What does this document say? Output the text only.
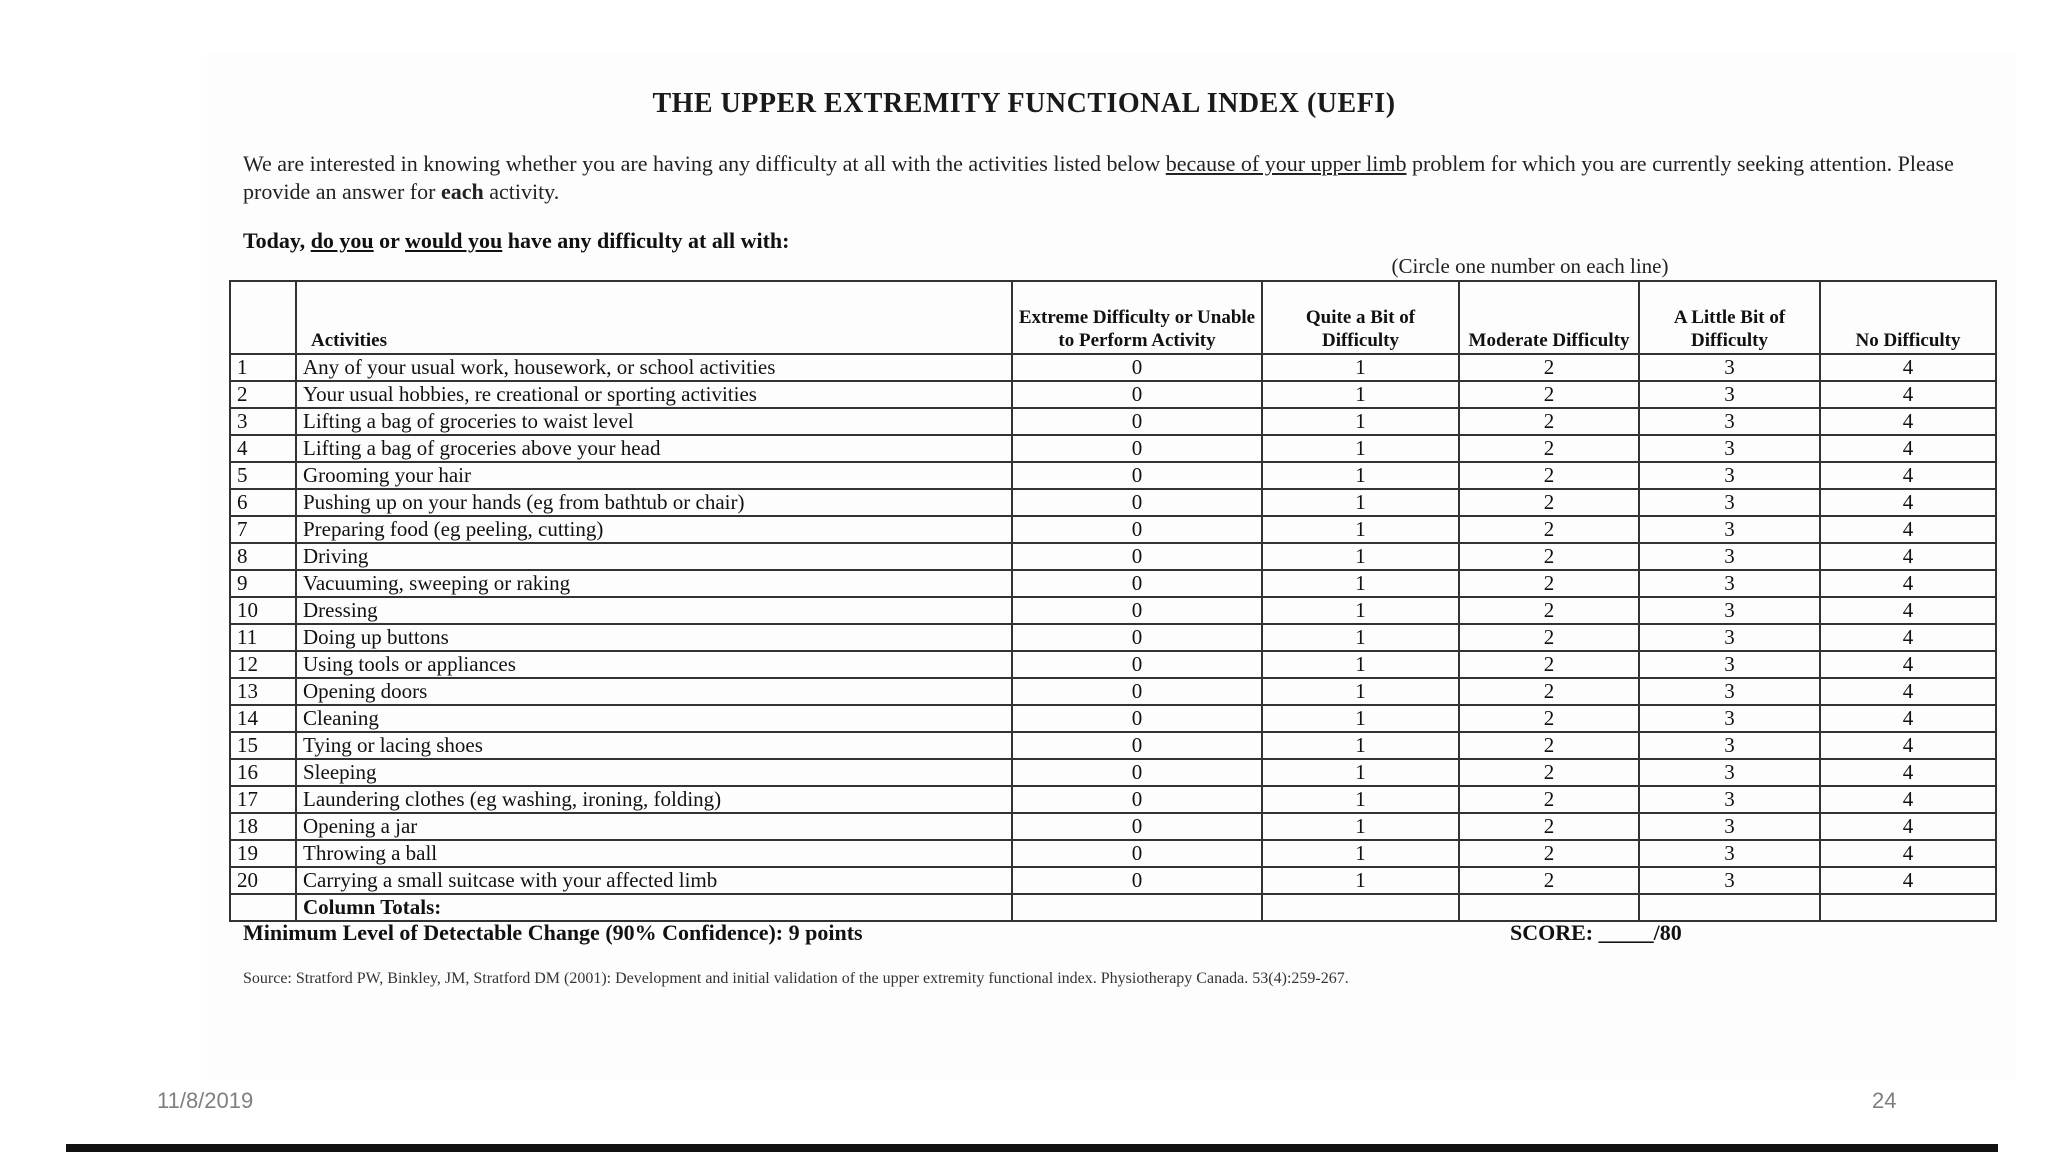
THE UPPER EXTREMITY FUNCTIONAL INDEX (UEFI)
We are interested in knowing whether you are having any difficulty at all with the activities listed below because of your upper limb problem for which you are currently seeking attention. Please provide an answer for each activity.
Today, do you or would you have any difficulty at all with:
(Circle one number on each line)
	Activities	Extreme Difficulty or Unable to Perform Activity	Quite a Bit of Difficulty	Moderate Difficulty	A Little Bit of Difficulty	No Difficulty
1	Any of your usual work, housework, or school activities	0	1	2	3	4
2	Your usual hobbies, re creational or sporting activities	0	1	2	3	4
3	Lifting a bag of groceries to waist level	0	1	2	3	4
4	Lifting a bag of groceries above your head	0	1	2	3	4
5	Grooming your hair	0	1	2	3	4
6	Pushing up on your hands (eg from bathtub or chair)	0	1	2	3	4
7	Preparing food (eg peeling, cutting)	0	1	2	3	4
8	Driving	0	1	2	3	4
9	Vacuuming, sweeping or raking	0	1	2	3	4
10	Dressing	0	1	2	3	4
11	Doing up buttons	0	1	2	3	4
12	Using tools or appliances	0	1	2	3	4
13	Opening doors	0	1	2	3	4
14	Cleaning	0	1	2	3	4
15	Tying or lacing shoes	0	1	2	3	4
16	Sleeping	0	1	2	3	4
17	Laundering clothes (eg washing, ironing, folding)	0	1	2	3	4
18	Opening a jar	0	1	2	3	4
19	Throwing a ball	0	1	2	3	4
20	Carrying a small suitcase with your affected limb	0	1	2	3	4
	Column Totals:					
Minimum Level of Detectable Change (90% Confidence): 9 points	SCORE: _____/80
Source: Stratford PW, Binkley, JM, Stratford DM (2001): Development and initial validation of the upper extremity functional index. Physiotherapy Canada. 53(4):259-267.
11/8/2019	24
